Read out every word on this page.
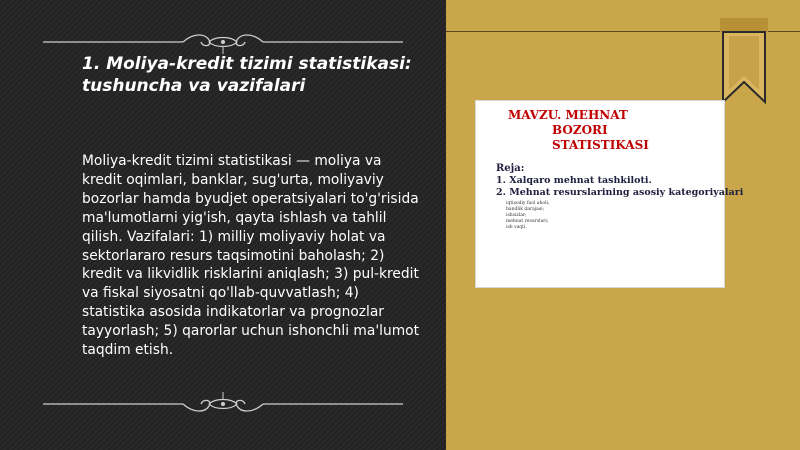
1. Moliya-kredit tizimi statistikasi: tushuncha va vazifalari
Moliya-kredit tizimi statistikasi — moliya va kredit oqimlari, banklar, sug'urta, moliyaviy bozorlar hamda byudjet operatsiyalari to'g'risida ma'lumotlarni yig'ish, qayta ishlash va tahlil qilish. Vazifalari: 1) milliy moliyaviy holat va sektorlararo resurs taqsimotini baholash; 2) kredit va likvidlik risklarini aniqlash; 3) pul-kredit va fiskal siyosatni qo'llab-quvvatlash; 4) statistika asosida indikatorlar va prognozlar tayyorlash; 5) qarorlar uchun ishonchli ma'lumot taqdim etish.
MAVZU. MEHNAT
BOZORI
STATISTIKASI
Reja:
1. Xalqaro mehnat tashkiloti.
2. Mehnat resurslarining asosiy kategoriyalari
iqtisodiy faol aholi;
bandlik darajasi;
ishsizlar;
mehnat resurslari;
ish vaqti.
